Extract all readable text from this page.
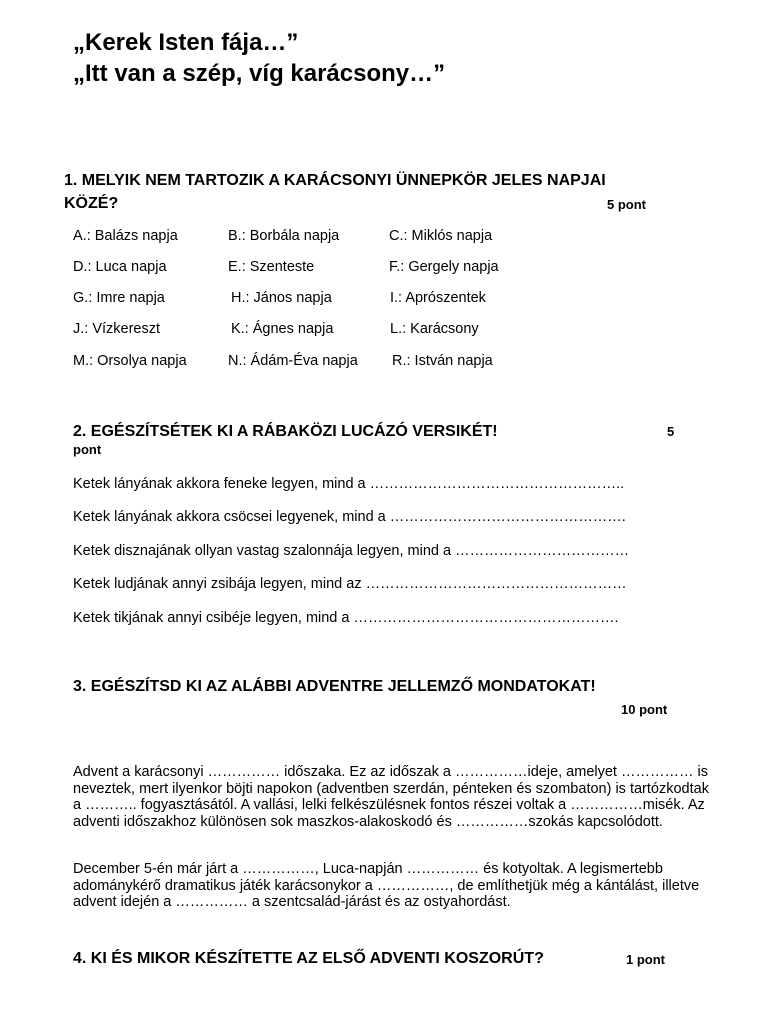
„Kerek Isten fája…”
„Itt van a szép, víg karácsony…”
1. MELYIK NEM TARTOZIK A KARÁCSONYI ÜNNEPKÖR JELES NAPJAI
KÖZÉ?	5 pont
A.: Balázs napja	B.: Borbála napja	C.: Miklós napja
D.: Luca napja	E.: Szenteste	F.: Gergely napja
G.: Imre napja	H.: János napja	I.: Aprószentek
J.: Vízkereszt	K.: Ágnes napja	L.: Karácsony
M.: Orsolya napja	N.: Ádám-Éva napja R.: István napja
2. EGÉSZÍTSÉTEK KI A RÁBAKÖZI LUCÁZÓ VERSIKÉT!	5
pont
Ketek lányának akkora feneke legyen, mind a ……………………………………………..
Ketek lányának akkora csöcsei legyenek, mind a ………………………………………….
Ketek disznajának ollyan vastag szalonnája legyen, mind a ………………………………
Ketek ludjának annyi zsibája legyen, mind az ………………………………………………
Ketek tikjának annyi csibéje legyen, mind a ……………………………………………….
3. EGÉSZÍTSD KI AZ ALÁBBI ADVENTRE JELLEMZŐ MONDATOKAT!
10 pont
Advent a karácsonyi …………… időszaka. Ez az időszak a ……………ideje, amelyet …………… is neveztek, mert ilyenkor böjti napokon (adventben szerdán, pénteken és szombaton) is tartózkodtak a ……….. fogyasztásától. A vallási, lelki felkészülésnek fontos részei voltak a ……………misék. Az adventi időszakhoz különösen sok maszkos-alakoskodó és ……………szokás kapcsolódott.
December 5-én már járt a ……………, Luca-napján …………… és kotyoltak. A legismertebb adománykérő dramatikus játék karácsonykor a ……………, de említhetjük még a kántálást, illetve advent idején a …………… a szentcsalád-járást és az ostyahordást.
4. KI ÉS MIKOR KÉSZÍTETTE AZ ELSŐ ADVENTI KOSZORÚT?	1 pont
